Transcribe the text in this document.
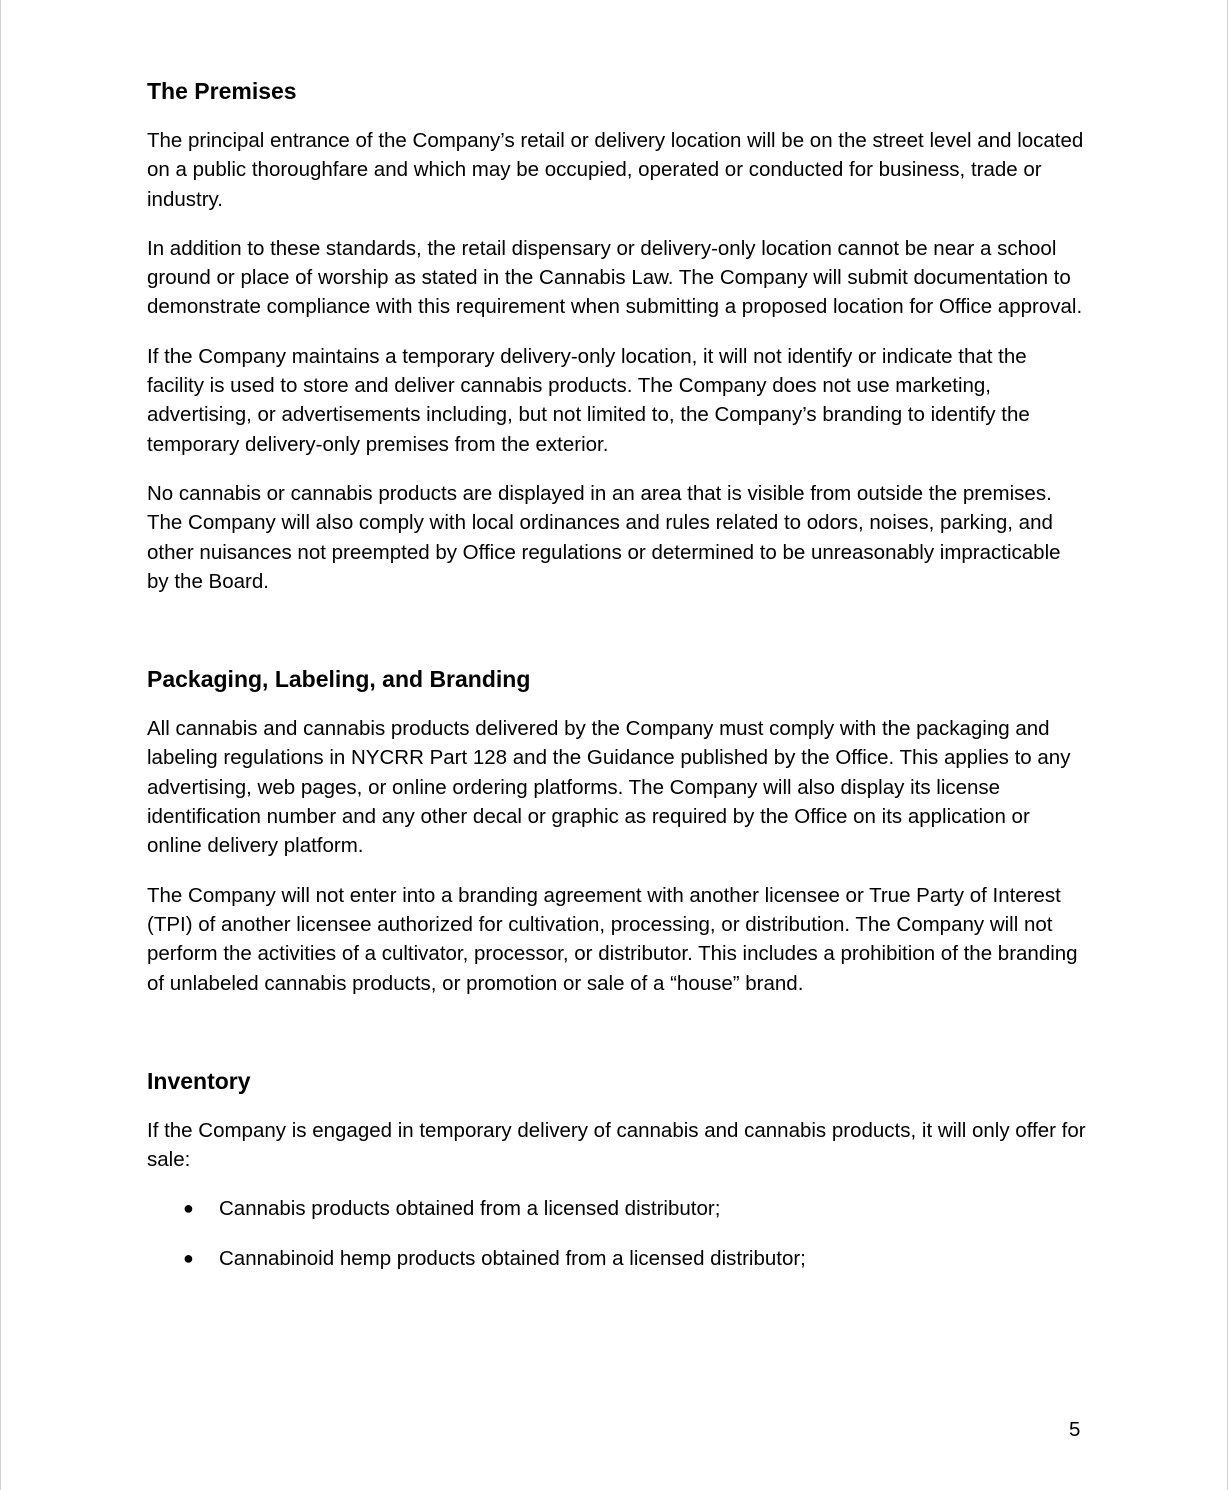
The Premises

The principal entrance of the Company’s retail or delivery location will be on the street level and located on a public thoroughfare and which may be occupied, operated or conducted for business, trade or industry.

In addition to these standards, the retail dispensary or delivery-only location cannot be near a school ground or place of worship as stated in the Cannabis Law. The Company will submit documentation to demonstrate compliance with this requirement when submitting a proposed location for Office approval.

If the Company maintains a temporary delivery-only location, it will not identify or indicate that the facility is used to store and deliver cannabis products. The Company does not use marketing, advertising, or advertisements including, but not limited to, the Company’s branding to identify the temporary delivery-only premises from the exterior.

No cannabis or cannabis products are displayed in an area that is visible from outside the premises. The Company will also comply with local ordinances and rules related to odors, noises, parking, and other nuisances not preempted by Office regulations or determined to be unreasonably impracticable by the Board.

Packaging, Labeling, and Branding

All cannabis and cannabis products delivered by the Company must comply with the packaging and labeling regulations in NYCRR Part 128 and the Guidance published by the Office. This applies to any advertising, web pages, or online ordering platforms. The Company will also display its license identification number and any other decal or graphic as required by the Office on its application or online delivery platform.

The Company will not enter into a branding agreement with another licensee or True Party of Interest (TPI) of another licensee authorized for cultivation, processing, or distribution. The Company will not perform the activities of a cultivator, processor, or distributor. This includes a prohibition of the branding of unlabeled cannabis products, or promotion or sale of a “house” brand.

Inventory

If the Company is engaged in temporary delivery of cannabis and cannabis products, it will only offer for sale:

● Cannabis products obtained from a licensed distributor;
● Cannabinoid hemp products obtained from a licensed distributor;
5
